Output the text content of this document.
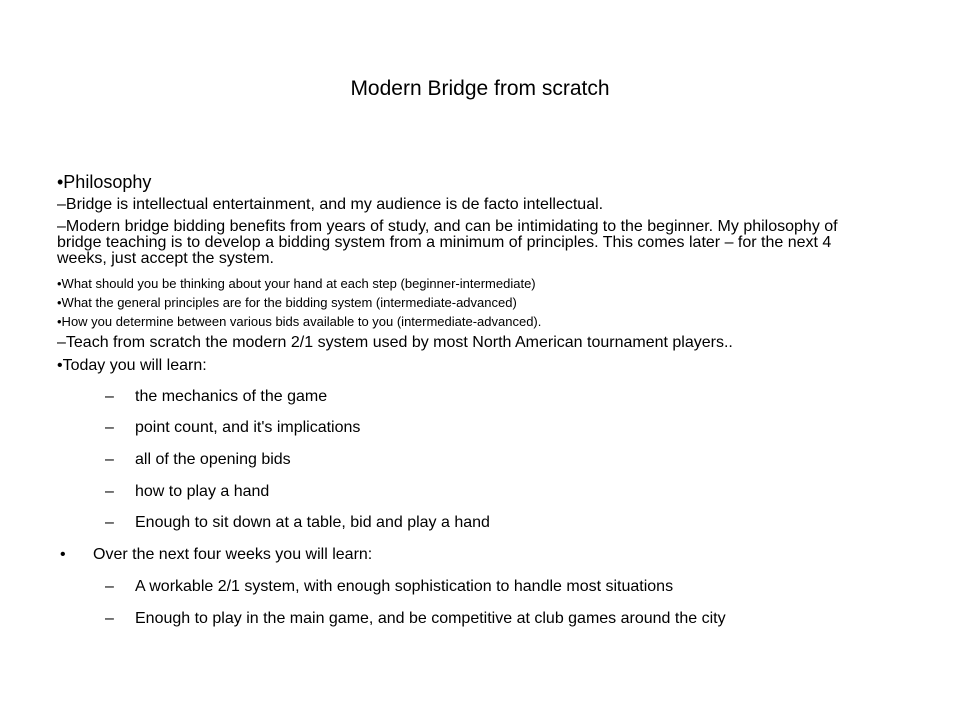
Modern Bridge from scratch
•Philosophy
–Bridge is intellectual entertainment, and my audience is de facto intellectual.
–Modern bridge bidding benefits from years of study, and can be intimidating to the beginner. My philosophy of bridge teaching is to develop a bidding system from a minimum of principles. This comes later – for the next 4 weeks, just accept the system.
•What should you be thinking about your hand at each step (beginner-intermediate)
•What the general principles are for the bidding system (intermediate-advanced)
•How you determine between various bids available to you (intermediate-advanced).
–Teach from scratch the modern 2/1 system used by most North American tournament players..
•Today you will learn:
– the mechanics of the game
– point count, and it's implications
– all of the opening bids
– how to play a hand
– Enough to sit down at a table, bid and play a hand
• Over the next four weeks you will learn:
– A workable 2/1 system, with enough sophistication to handle most situations
– Enough to play in the main game, and be competitive at club games around the city
